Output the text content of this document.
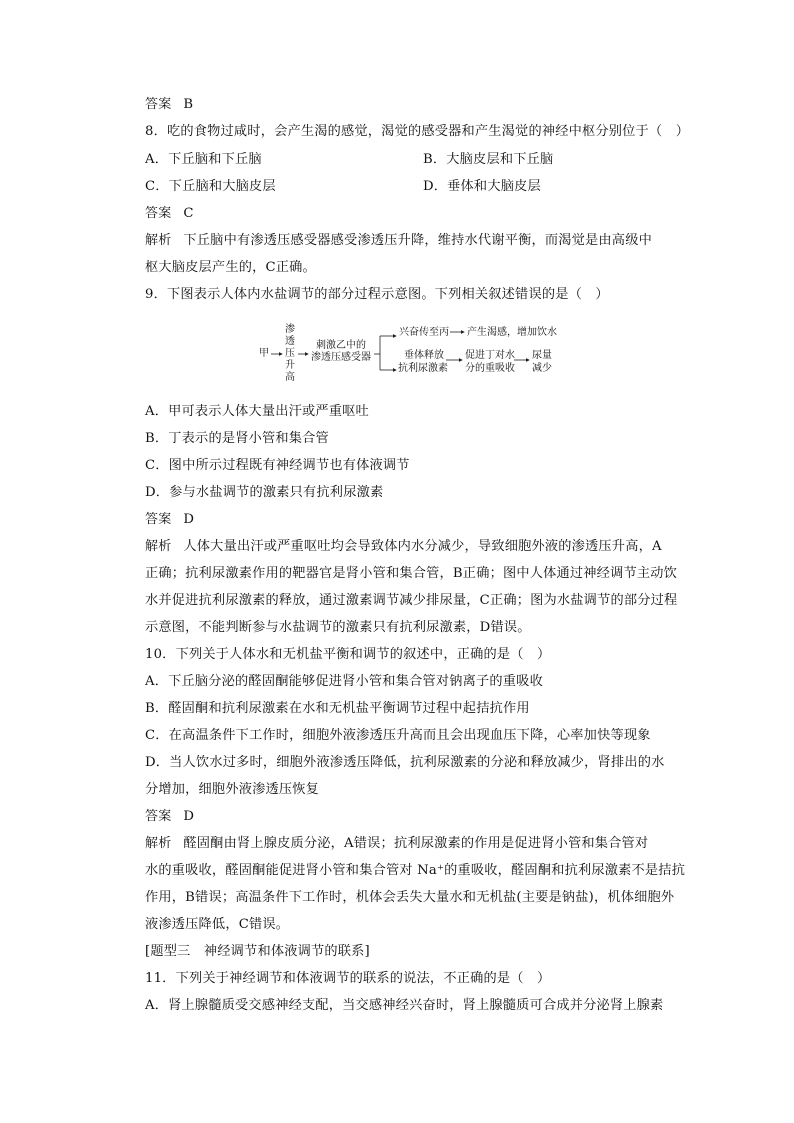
答案 B
8．吃的食物过咸时，会产生渴的感觉，渴觉的感受器和产生渴觉的神经中枢分别位于（　）
A．下丘脑和下丘脑	B．大脑皮层和下丘脑
C．下丘脑和大脑皮层	D．垂体和大脑皮层
答案 C
解析 下丘脑中有渗透压感受器感受渗透压升降，维持水代谢平衡，而渴觉是由高级中
枢大脑皮层产生的，C正确。
9．下图表示人体内水盐调节的部分过程示意图。下列相关叙述错误的是（　）
甲
渗
透
压
升
高
刺激乙中的
渗透压感受器
兴奋传至丙 产生渴感，增加饮水
垂体释放
抗利尿激素
促进丁对水
分的重吸收
尿量
减少
A．甲可表示人体大量出汗或严重呕吐
B．丁表示的是肾小管和集合管
C．图中所示过程既有神经调节也有体液调节
D．参与水盐调节的激素只有抗利尿激素
答案 D
解析 人体大量出汗或严重呕吐均会导致体内水分减少，导致细胞外液的渗透压升高，A
正确；抗利尿激素作用的靶器官是肾小管和集合管，B正确；图中人体通过神经调节主动饮
水并促进抗利尿激素的释放，通过激素调节减少排尿量，C正确；图为水盐调节的部分过程
示意图，不能判断参与水盐调节的激素只有抗利尿激素，D错误。
10．下列关于人体水和无机盐平衡和调节的叙述中，正确的是（　）
A．下丘脑分泌的醛固酮能够促进肾小管和集合管对钠离子的重吸收
B．醛固酮和抗利尿激素在水和无机盐平衡调节过程中起拮抗作用
C．在高温条件下工作时，细胞外液渗透压升高而且会出现血压下降，心率加快等现象
D．当人饮水过多时，细胞外液渗透压降低，抗利尿激素的分泌和释放减少，肾排出的水
分增加，细胞外液渗透压恢复
答案 D
解析 醛固酮由肾上腺皮质分泌，A错误；抗利尿激素的作用是促进肾小管和集合管对
水的重吸收，醛固酮能促进肾小管和集合管对 Na⁺的重吸收，醛固酮和抗利尿激素不是拮抗
作用，B错误；高温条件下工作时，机体会丢失大量水和无机盐(主要是钠盐)，机体细胞外
液渗透压降低，C错误。
[题型三　神经调节和体液调节的联系]
11．下列关于神经调节和体液调节的联系的说法，不正确的是（　）
A．肾上腺髓质受交感神经支配，当交感神经兴奋时，肾上腺髓质可合成并分泌肾上腺素
